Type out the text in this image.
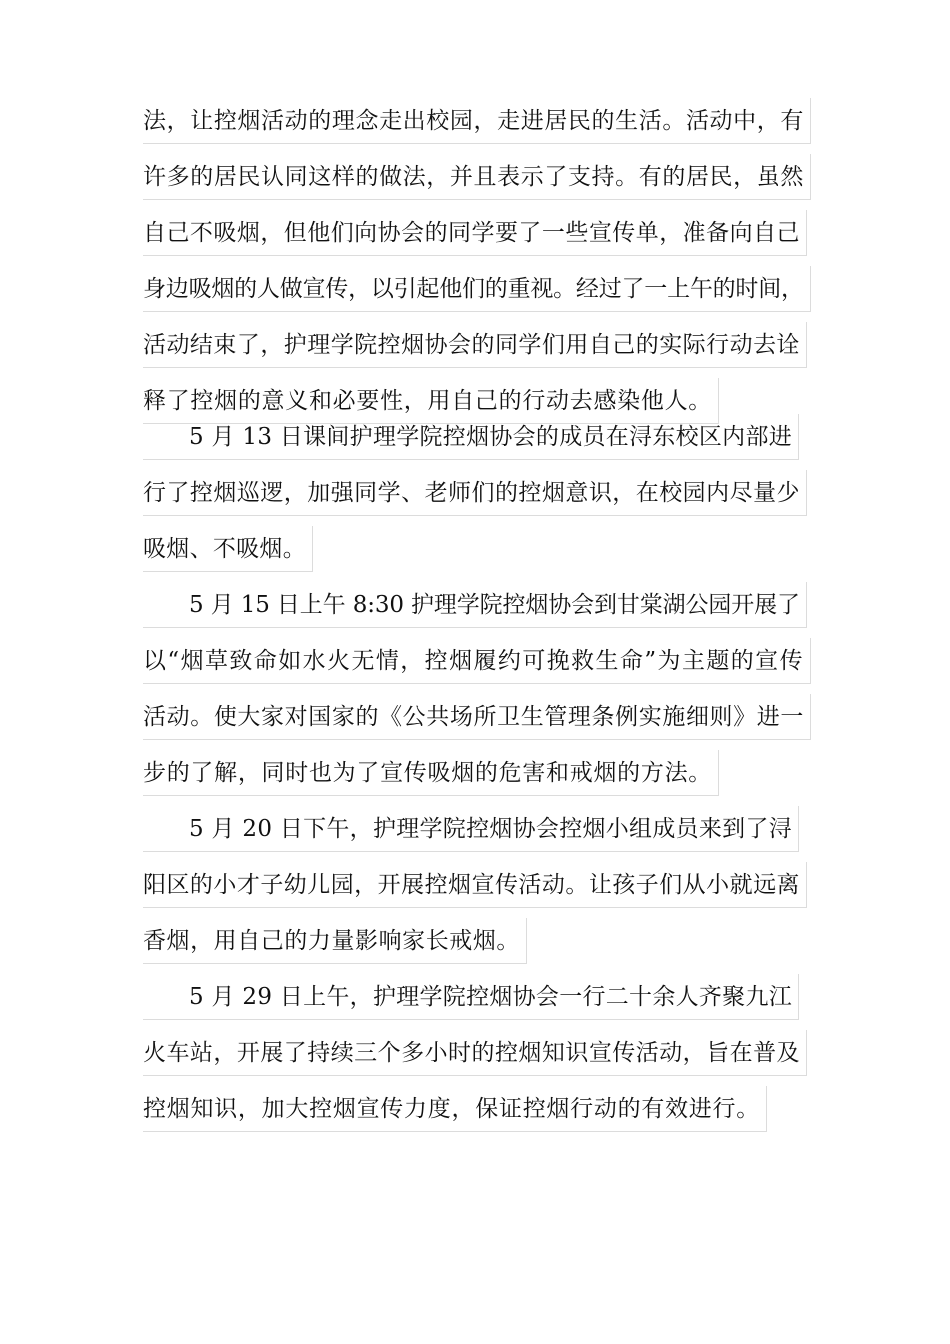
法，让控烟活动的理念走出校园，走进居民的生活。活动中，有
许多的居民认同这样的做法，并且表示了支持。有的居民，虽然
自己不吸烟，但他们向协会的同学要了一些宣传单，准备向自己
身边吸烟的人做宣传，以引起他们的重视。经过了一上午的时间，
活动结束了，护理学院控烟协会的同学们用自己的实际行动去诠
释了控烟的意义和必要性，用自己的行动去感染他人。
5 月 13 日课间护理学院控烟协会的成员在浔东校区内部进
行了控烟巡逻，加强同学、老师们的控烟意识，在校园内尽量少
吸烟、不吸烟。
5 月 15 日上午 8:30 护理学院控烟协会到甘棠湖公园开展了
以“烟草致命如水火无情，控烟履约可挽救生命”为主题的宣传
活动。使大家对国家的《公共场所卫生管理条例实施细则》进一
步的了解，同时也为了宣传吸烟的危害和戒烟的方法。
5 月 20 日下午，护理学院控烟协会控烟小组成员来到了浔
阳区的小才子幼儿园，开展控烟宣传活动。让孩子们从小就远离
香烟，用自己的力量影响家长戒烟。
5 月 29 日上午，护理学院控烟协会一行二十余人齐聚九江
火车站，开展了持续三个多小时的控烟知识宣传活动，旨在普及
控烟知识，加大控烟宣传力度，保证控烟行动的有效进行。
